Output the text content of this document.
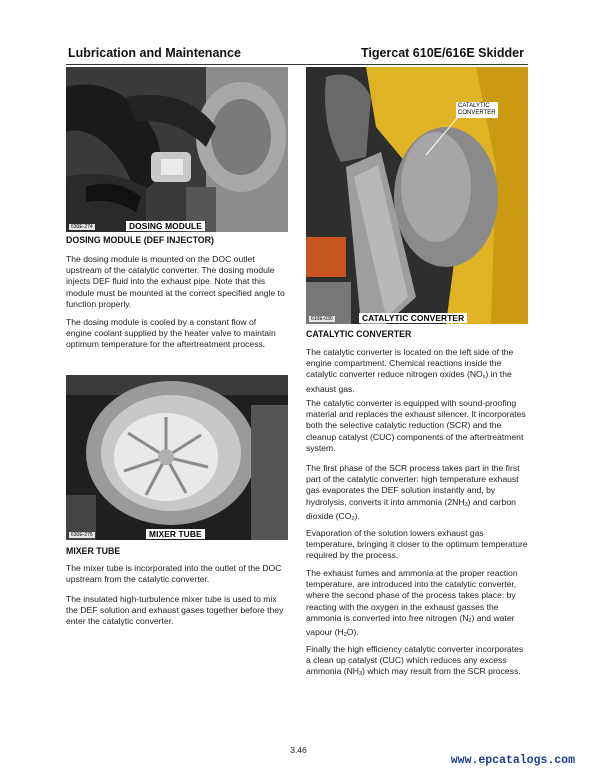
Lubrication and Maintenance	Tigercat 610E/616E Skidder
630E-274	DOSING MODULE
CATALYTIC
CONVERTER
610E-030	CATALYTIC CONVERTER
630E-276	MIXER TUBE
DOSING MODULE (DEF INJECTOR)
The dosing module is mounted on the DOC outlet upstream of the catalytic converter. The dosing module injects DEF fluid into the exhaust pipe. Note that this module must be mounted at the correct specified angle to function properly.
The dosing module is cooled by a constant flow of engine coolant supplied by the heater valve to maintain optimum temperature for the aftertreatment process.
MIXER TUBE
The mixer tube is incorporated into the outlet of the DOC upstream from the catalytic converter.
The insulated high-turbulence mixer tube is used to mix the DEF solution and exhaust gases together before they enter the catalytic converter.
CATALYTIC CONVERTER
The catalytic converter is located on the left side of the engine compartment. Chemical reactions inside the catalytic converter reduce nitrogen oxides $(NO_x)$ in the exhaust gas.
The catalytic converter is equipped with sound-proofing material and replaces the exhaust silencer. It incorporates both the selective catalytic reduction (SCR) and the cleanup catalyst (CUC) components of the aftertreatment system.
The first phase of the SCR process takes part in the first part of the catalytic converter: high temperature exhaust gas evaporates the DEF solution instantly and, by hydrolysis, converts it into ammonia $(2NH_3)$ and carbon dioxide $(CO_2)$.
Evaporation of the solution lowers exhaust gas temperature, bringing it closer to the optimum temperature required by the process.
The exhaust fumes and ammonia at the proper reaction temperature, are introduced into the catalytic converter, where the second phase of the process takes place: by reacting with the oxygen in the exhaust gasses the ammonia is converted into free nitrogen $(N_2)$ and water vapour $(H_2O)$.
Finally the high efficiency catalytic converter incorporates a clean up catalyst (CUC) which reduces any excess ammonia $(NH_3)$ which may result from the SCR process.
3.46
www.epcatalogs.com
